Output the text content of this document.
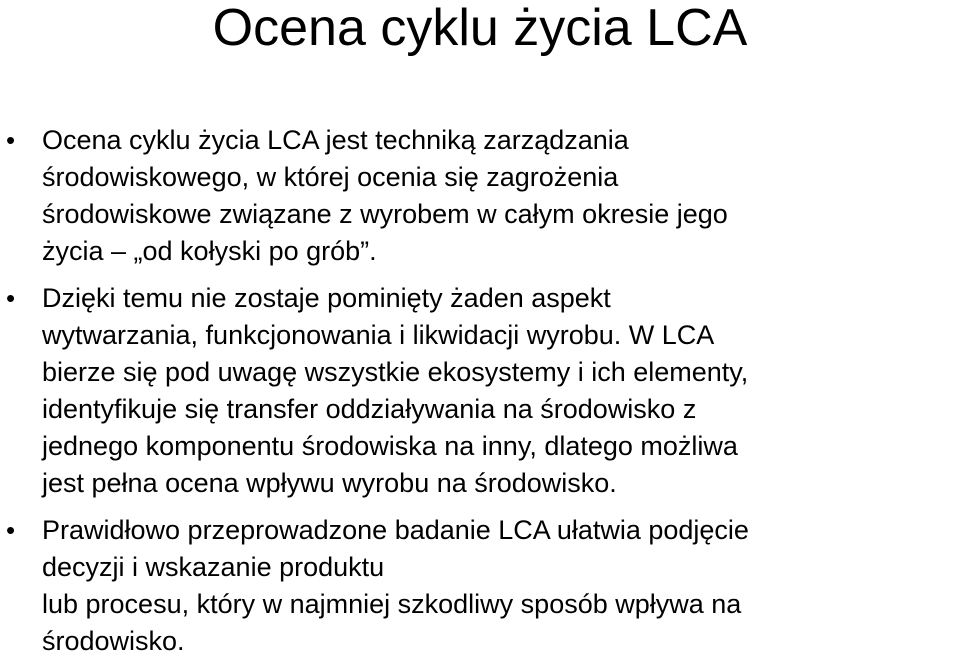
Ocena cyklu życia LCA
• Ocena cyklu życia LCA jest techniką zarządzania
środowiskowego, w której ocenia się zagrożenia
środowiskowe związane z wyrobem w całym okresie jego
życia – „od kołyski po grób”.
• Dzięki temu nie zostaje pominięty żaden aspekt
wytwarzania, funkcjonowania i likwidacji wyrobu. W LCA
bierze się pod uwagę wszystkie ekosystemy i ich elementy,
identyfikuje się transfer oddziaływania na środowisko z
jednego komponentu środowiska na inny, dlatego możliwa
jest pełna ocena wpływu wyrobu na środowisko.
• Prawidłowo przeprowadzone badanie LCA ułatwia podjęcie
decyzji i wskazanie produktu
lub procesu, który w najmniej szkodliwy sposób wpływa na
środowisko.
